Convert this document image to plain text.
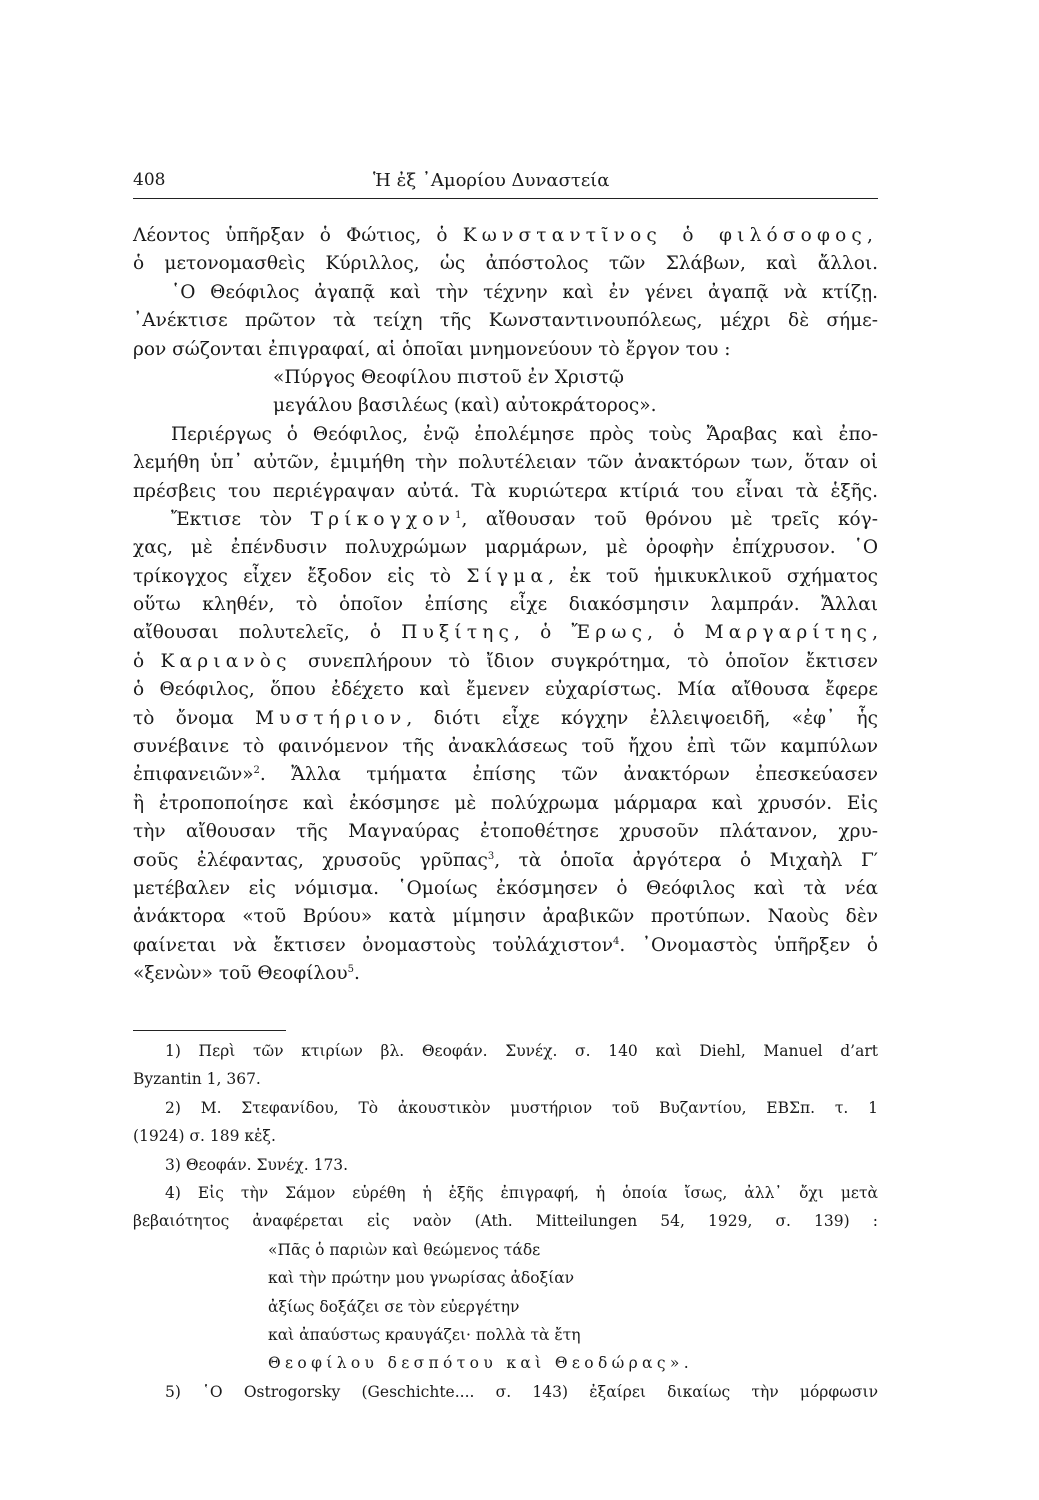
408	Ἡ ἐξ ᾿Αμορίου Δυναστεία
Λέοντος ὑπῆρξαν ὁ Φώτιος, ὁ Κωνσταντῖνος ὁ φιλόσοφος,
ὁ μετονομασθεὶς Κύριλλος, ὡς ἀπόστολος τῶν Σλάβων, καὶ ἄλλοι.
῾Ο Θεόφιλος ἀγαπᾷ καὶ τὴν τέχνην καὶ ἐν γένει ἀγαπᾷ νὰ κτίζῃ.
᾿Ανέκτισε πρῶτον τὰ τείχη τῆς Κωνσταντινουπόλεως, μέχρι δὲ σήμε-
ρον σώζονται ἐπιγραφαί, αἱ ὁποῖαι μνημονεύουν τὸ ἔργον του :
«Πύργος Θεοφίλου πιστοῦ ἐν Χριστῷ
μεγάλου βασιλέως (καὶ) αὐτοκράτορος».
Περιέργως ὁ Θεόφιλος, ἐνῷ ἐπολέμησε πρὸς τοὺς Ἄραβας καὶ ἐπο-
λεμήθη ὑπ᾿ αὐτῶν, ἐμιμήθη τὴν πολυτέλειαν τῶν ἀνακτόρων των, ὅταν οἱ
πρέσβεις του περιέγραψαν αὐτά. Τὰ κυριώτερα κτίριά του εἶναι τὰ ἑξῆς.
Ἔκτισε τὸν Τρίκογχον$^1$, αἴθουσαν τοῦ θρόνου μὲ τρεῖς κόγ-
χας, μὲ ἐπένδυσιν πολυχρώμων μαρμάρων, μὲ ὀροφὴν ἐπίχρυσον. ῾Ο
τρίκογχος εἶχεν ἔξοδον εἰς τὸ Σίγμα, ἐκ τοῦ ἡμικυκλικοῦ σχήματος
οὕτω κληθέν, τὸ ὁποῖον ἐπίσης εἶχε διακόσμησιν λαμπράν. Ἄλλαι
αἴθουσαι πολυτελεῖς, ὁ Πυξίτης, ὁ Ἔρως, ὁ Μαργαρίτης,
ὁ Καριανὸς συνεπλήρουν τὸ ἴδιον συγκρότημα, τὸ ὁποῖον ἔκτισεν
ὁ Θεόφιλος, ὅπου ἐδέχετο καὶ ἔμενεν εὐχαρίστως. Μία αἴθουσα ἔφερε
τὸ ὄνομα Μυστήριον, διότι εἶχε κόγχην ἐλλειψοειδῆ, «ἐφ᾿ ἧς
συνέβαινε τὸ φαινόμενον τῆς ἀνακλάσεως τοῦ ἤχου ἐπὶ τῶν καμπύλων
ἐπιφανειῶν»$^2$. Ἄλλα τμήματα ἐπίσης τῶν ἀνακτόρων ἐπεσκεύασεν
ἢ ἐτροποποίησε καὶ ἐκόσμησε μὲ πολύχρωμα μάρμαρα καὶ χρυσόν. Εἰς
τὴν αἴθουσαν τῆς Μαγναύρας ἐτοποθέτησε χρυσοῦν πλάτανον, χρυ-
σοῦς ἐλέφαντας, χρυσοῦς γρῦπας$^3$, τὰ ὁποῖα ἀργότερα ὁ Μιχαὴλ Γ′
μετέβαλεν εἰς νόμισμα. ῾Ομοίως ἐκόσμησεν ὁ Θεόφιλος καὶ τὰ νέα
ἀνάκτορα «τοῦ Βρύου» κατὰ μίμησιν ἀραβικῶν προτύπων. Ναοὺς δὲν
φαίνεται νὰ ἔκτισεν ὀνομαστοὺς τοὐλάχιστον$^4$. ᾿Ονομαστὸς ὑπῆρξεν ὁ
«ξενὼν» τοῦ Θεοφίλου$^5$.
1) Περὶ τῶν κτιρίων βλ. Θεοφάν. Συνέχ. σ. 140 καὶ Diehl, Manuel d’art
Byzantin 1, 367.
2) Μ. Στεφανίδου, Τὸ ἀκουστικὸν μυστήριον τοῦ Βυζαντίου, ΕΒΣπ. τ. 1
(1924) σ. 189 κἑξ.
3) Θεοφάν. Συνέχ. 173.
4) Εἰς τὴν Σάμον εὑρέθη ἡ ἑξῆς ἐπιγραφή, ἡ ὁποία ἴσως, ἀλλ᾿ ὄχι μετὰ
βεβαιότητος ἀναφέρεται εἰς ναὸν (Ath. Mitteilungen 54, 1929, σ. 139) :
«Πᾶς ὁ παριὼν καὶ θεώμενος τάδε
καὶ τὴν πρώτην μου γνωρίσας ἀδοξίαν
ἀξίως δοξάζει σε τὸν εὐεργέτην
καὶ ἀπαύστως κραυγάζει· πολλὰ τὰ ἔτη
Θεοφίλου δεσπότου καὶ Θεοδώρας».
5) ῾Ο Ostrogorsky (Geschichte.... σ. 143) ἐξαίρει δικαίως τὴν μόρφωσιν
